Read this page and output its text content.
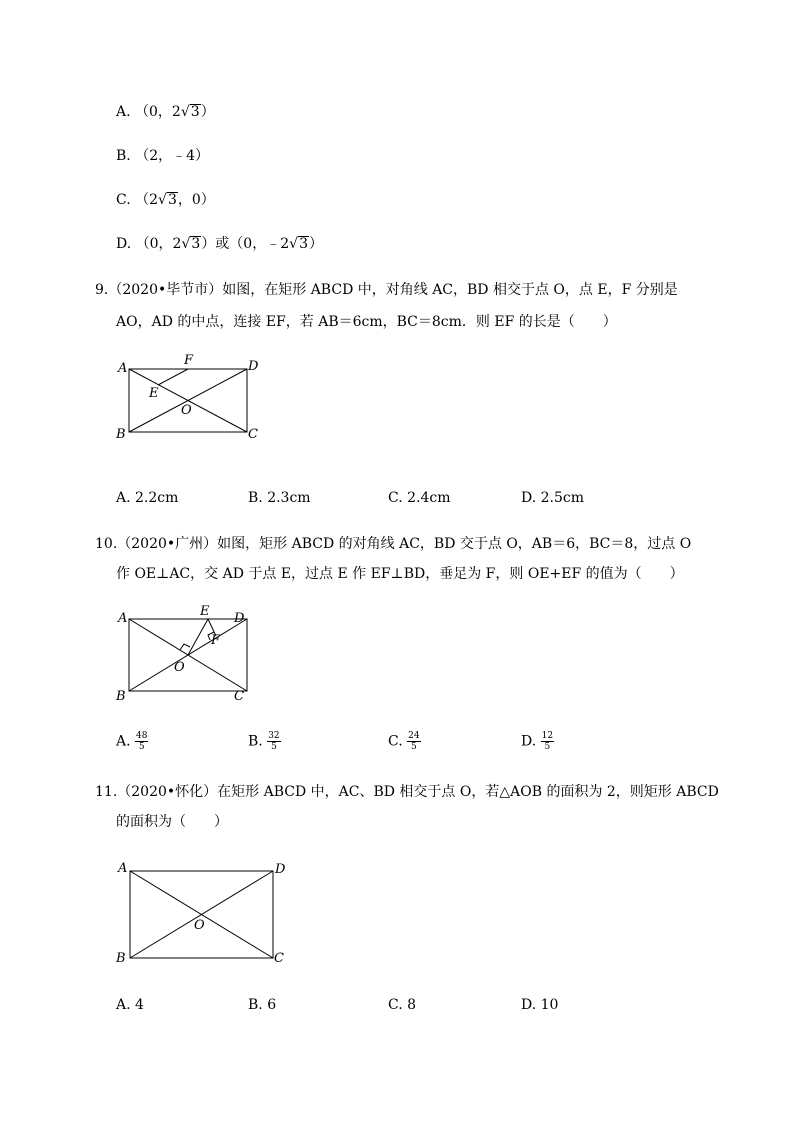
A. （0，2√3）
B. （2，﹣4）
C. （2√3，0）
D. （0，2√3）或（0，﹣2√3）
9.（2020•毕节市）如图，在矩形 ABCD 中，对角线 AC，BD 相交于点 O，点 E，F 分别是
AO，AD 的中点，连接 EF，若 AB＝6cm，BC＝8cm．则 EF 的长是（　　）
A
F	D
E
O
B	C
A. 2.2cm	B. 2.3cm	C. 2.4cm	D. 2.5cm
10.（2020•广州）如图，矩形 ABCD 的对角线 AC，BD 交于点 O，AB＝6，BC＝8，过点 O
作 OE⊥AC，交 AD 于点 E，过点 E 作 EF⊥BD，垂足为 F，则 OE+EF 的值为（　　）
A	E D
F
O
B	C
A. $\frac{48}{5}$	B. $\frac{32}{5}$	C. $\frac{24}{5}$	D. $\frac{12}{5}$
11.（2020•怀化）在矩形 ABCD 中，AC、BD 相交于点 O，若△AOB 的面积为 2，则矩形 ABCD
的面积为（　　）
A	D
O
B	C
A. 4	B. 6	C. 8	D. 10
